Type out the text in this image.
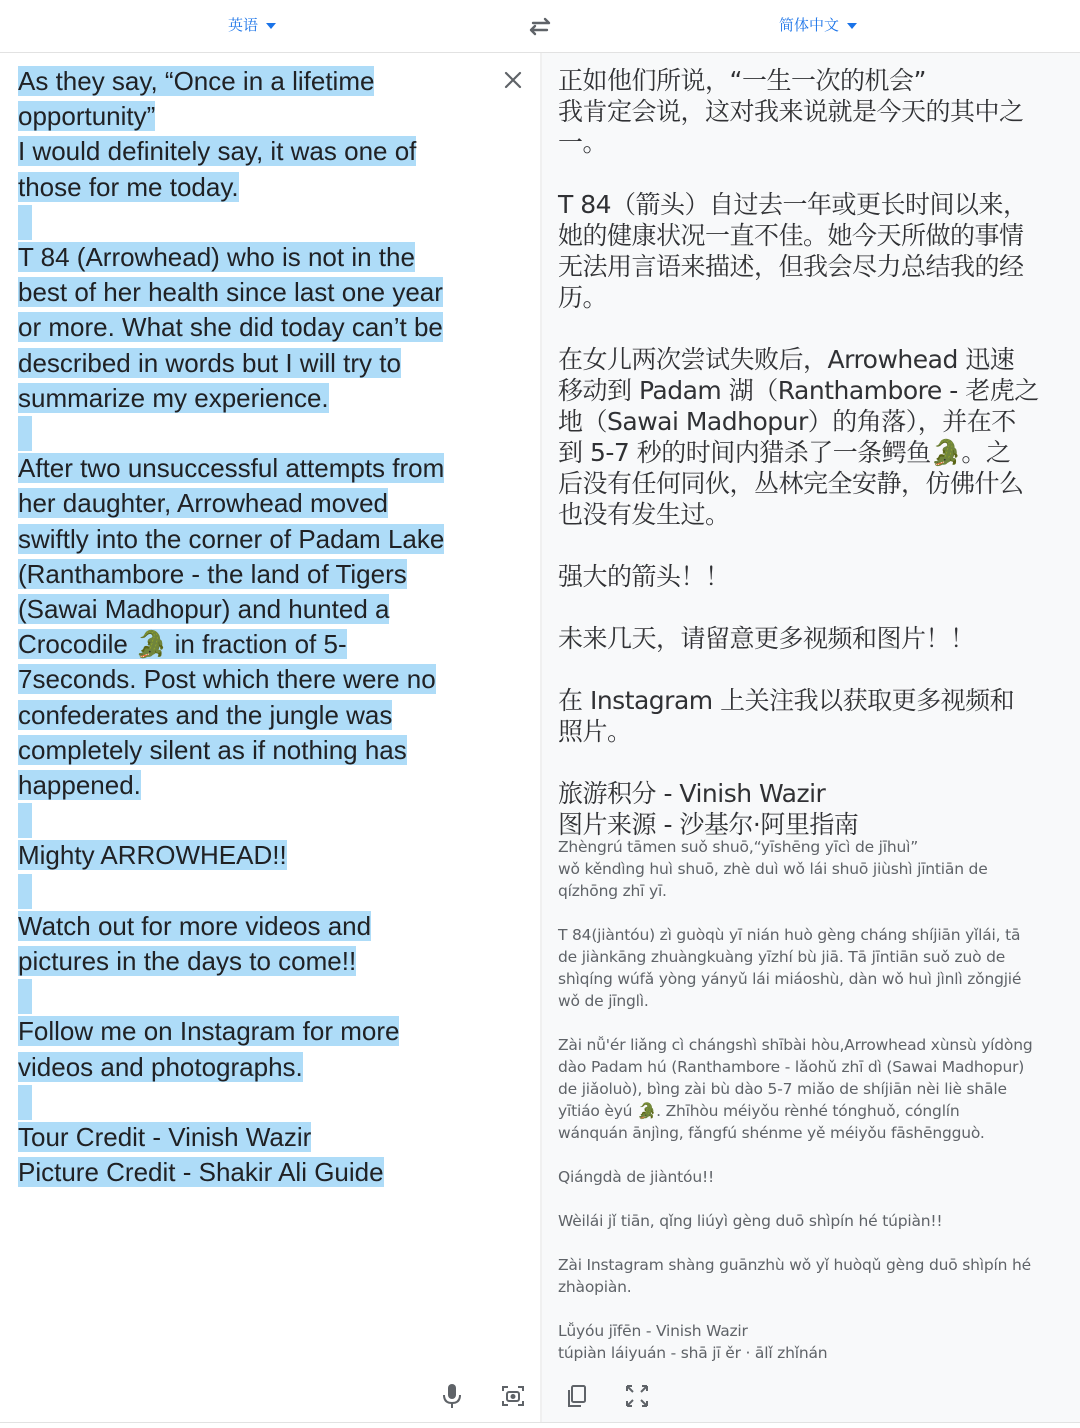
英语	简体中文

As they say, “Once in a lifetime
opportunity”
I would definitely say, it was one of
those for me today.

T 84 (Arrowhead) who is not in the
best of her health since last one year
or more. What she did today can’t be
described in words but I will try to
summarize my experience.

After two unsuccessful attempts from
her daughter, Arrowhead moved
swiftly into the corner of Padam Lake
(Ranthambore - the land of Tigers
(Sawai Madhopur) and hunted a
Crocodile 🐊 in fraction of 5-
7seconds. Post which there were no
confederates and the jungle was
completely silent as if nothing has
happened.

Mighty ARROWHEAD!!

Watch out for more videos and
pictures in the days to come!!

Follow me on Instagram for more
videos and photographs.

Tour Credit - Vinish Wazir
Picture Credit - Shakir Ali Guide

正如他们所说，“一生一次的机会”
我肯定会说，这对我来说就是今天的其中之
一。

T 84（箭头）自过去一年或更长时间以来，
她的健康状况一直不佳。她今天所做的事情
无法用言语来描述，但我会尽力总结我的经
历。

在女儿两次尝试失败后，Arrowhead 迅速
移动到 Padam 湖（Ranthambore - 老虎之
地（Sawai Madhopur）的角落），并在不
到 5-7 秒的时间内猎杀了一条鳄鱼🐊。之
后没有任何同伙，丛林完全安静，仿佛什么
也没有发生过。

强大的箭头！！

未来几天，请留意更多视频和图片！！

在 Instagram 上关注我以获取更多视频和
照片。

旅游积分 - Vinish Wazir
图片来源 - 沙基尔·阿里指南

Zhèngrú tāmen suǒ shuō,“yīshēng yīcì de jīhuì”
wǒ kěndìng huì shuō, zhè duì wǒ lái shuō jiùshì jīntiān de
qízhōng zhī yī.

T 84(jiàntóu) zì guòqù yī nián huò gèng cháng shíjiān yǐlái, tā
de jiànkāng zhuàngkuàng yīzhí bù jiā. Tā jīntiān suǒ zuò de
shìqíng wúfǎ yòng yányǔ lái miáoshù, dàn wǒ huì jìnlì zǒngjié
wǒ de jīnglì.

Zài nǚ'ér liǎng cì chángshì shībài hòu,Arrowhead xùnsù yídòng
dào Padam hú (Ranthambore - lǎohǔ zhī dì (Sawai Madhopur)
de jiǎoluò), bìng zài bù dào 5-7 miǎo de shíjiān nèi liè shāle
yītiáo èyú 🐊. Zhīhòu méiyǒu rènhé tónghuǒ, cónglín
wánquán ānjìng, fǎngfú shénme yě méiyǒu fāshēngguò.

Qiángdà de jiàntóu!!

Wèilái jǐ tiān, qǐng liúyì gèng duō shìpín hé túpiàn!!

Zài Instagram shàng guānzhù wǒ yǐ huòqǔ gèng duō shìpín hé
zhàopiàn.

Lǚyóu jīfēn - Vinish Wazir
túpiàn láiyuán - shā jī ěr · ālǐ zhǐnán
